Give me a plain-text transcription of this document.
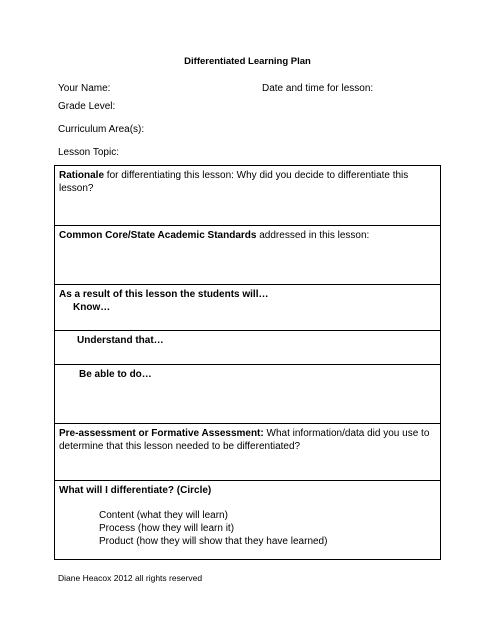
Differentiated Learning Plan
Your Name:	Date and time for lesson:
Grade Level:
Curriculum Area(s):
Lesson Topic:
Rationale for differentiating this lesson: Why did you decide to differentiate this lesson?
Common Core/State Academic Standards addressed in this lesson:
As a result of this lesson the students will…
Know…
Understand that…
Be able to do…
Pre-assessment or Formative Assessment: What information/data did you use to determine that this lesson needed to be differentiated?
What will I differentiate? (Circle)
Content (what they will learn)
Process (how they will learn it)
Product (how they will show that they have learned)
Diane Heacox 2012 all rights reserved
